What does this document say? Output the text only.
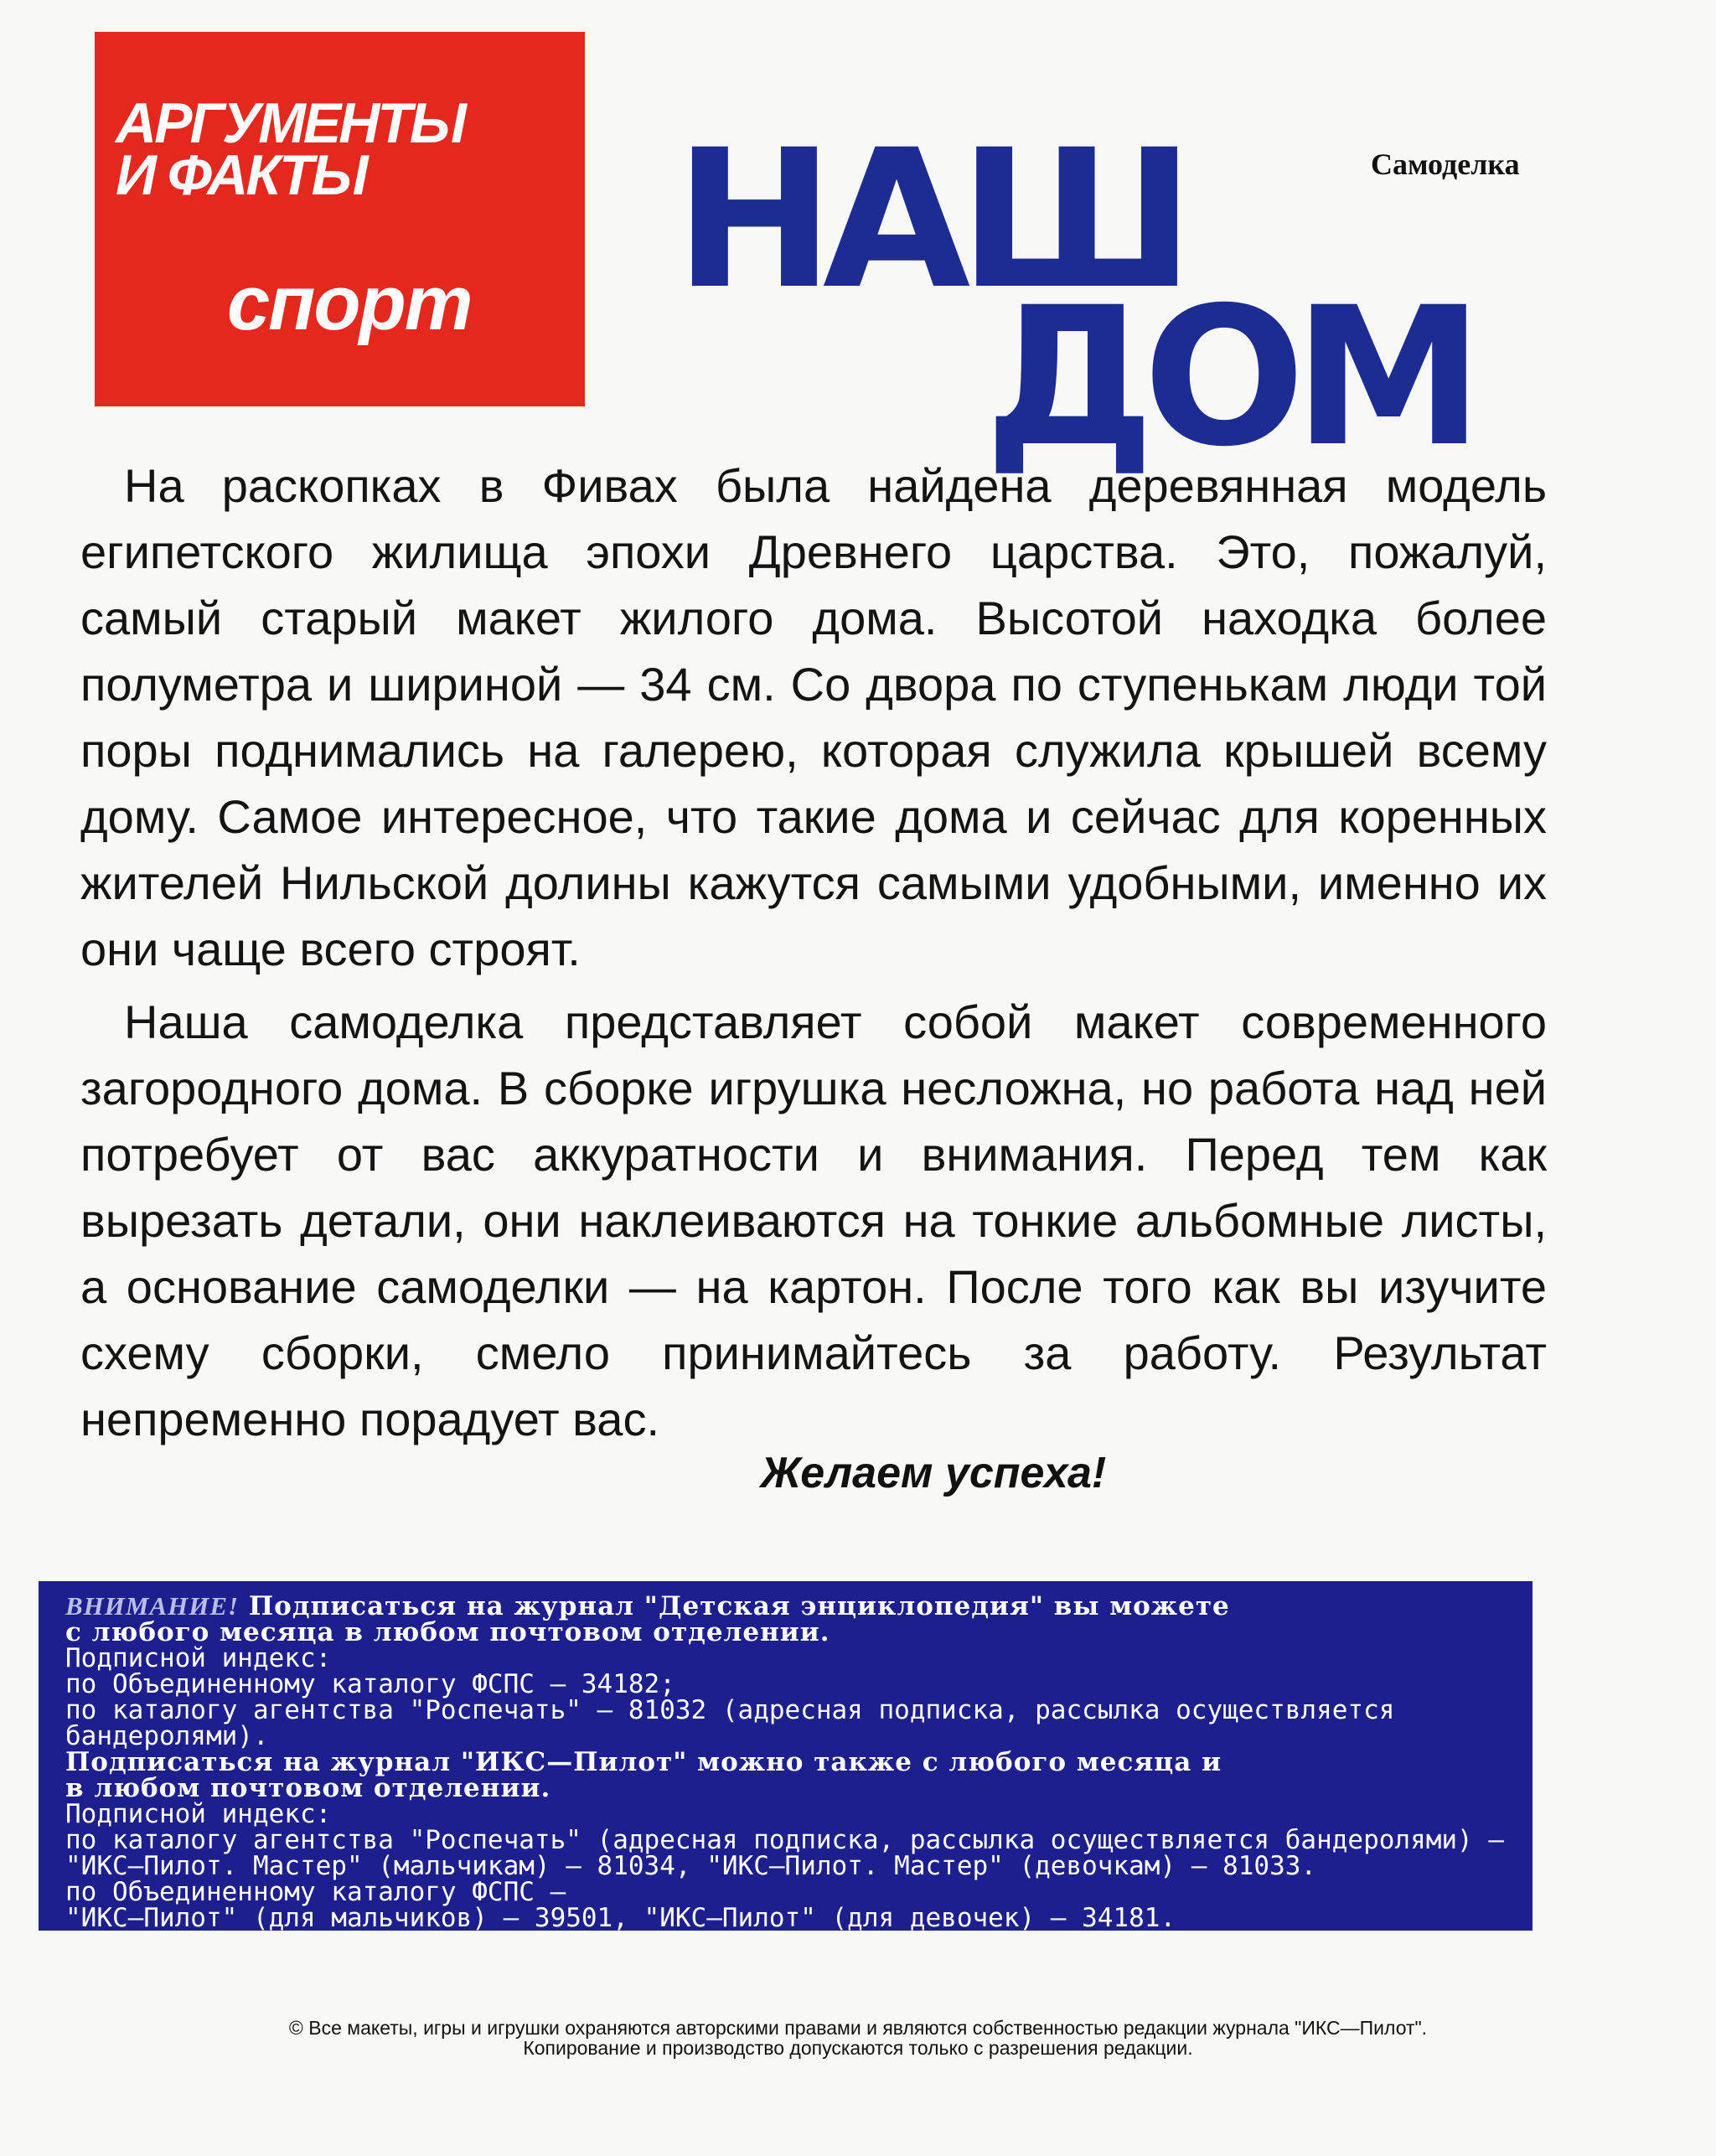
АРГУМЕНТЫ
И ФАКТЫ
спорт
Самоделка
НАШ
ДОМ

На раскопках в Фивах была найдена деревянная модель египетского жилища эпохи Древнего царства. Это, пожалуй, самый старый макет жилого дома. Высотой находка более полуметра и шириной — 34 см. Со двора по ступенькам люди той поры поднимались на галерею, которая служила крышей всему дому. Самое интересное, что такие дома и сейчас для коренных жителей Нильской долины кажутся самыми удобными, именно их они чаще всего строят.

Наша самоделка представляет собой макет современного загородного дома. В сборке игрушка несложна, но работа над ней потребует от вас аккуратности и внимания. Перед тем как вырезать детали, они наклеиваются на тонкие альбомные листы, а основание самоделки — на картон. После того как вы изучите схему сборки, смело принимайтесь за работу. Результат непременно порадует вас.

Желаем успеха!
ВНИМАНИЕ! Подписаться на журнал "Детская энциклопедия" вы можете
с любого месяца в любом почтовом отделении.
Подписной индекс:
по Объединенному каталогу ФСПС — 34182;
по каталогу агентства "Роспечать" — 81032 (адресная подписка, рассылка осуществляется
бандеролями).
Подписаться на журнал "ИКС—Пилот" можно также с любого месяца и
в любом почтовом отделении.
Подписной индекс:
по каталогу агентства "Роспечать" (адресная подписка, рассылка осуществляется бандеролями) —
"ИКС—Пилот. Мастер" (мальчикам) — 81034, "ИКС—Пилот. Мастер" (девочкам) — 81033.
по Объединенному каталогу ФСПС —
"ИКС—Пилот" (для мальчиков) — 39501, "ИКС—Пилот" (для девочек) — 34181.
© Все макеты, игры и игрушки охраняются авторскими правами и являются собственностью редакции журнала "ИКС—Пилот".
Копирование и производство допускаются только с разрешения редакции.
